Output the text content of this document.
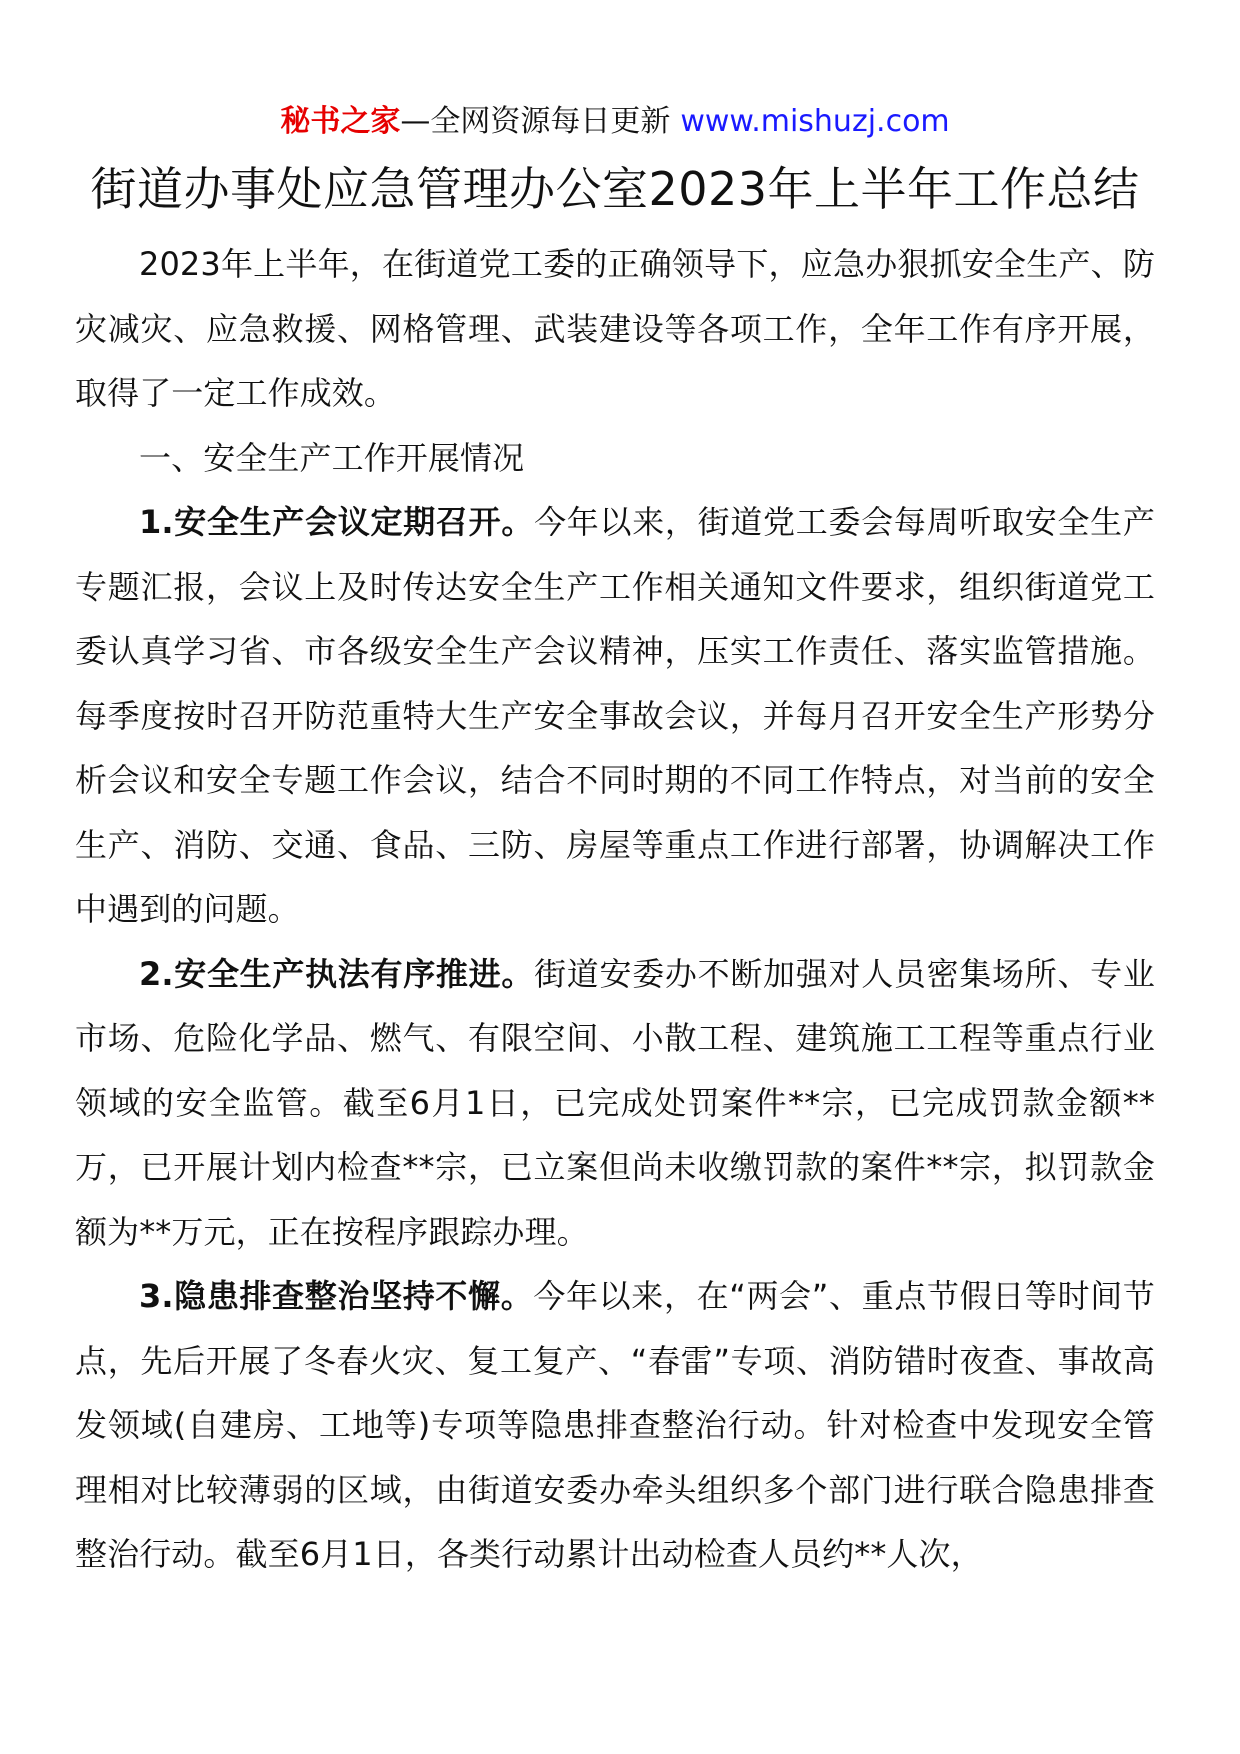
秘书之家—全网资源每日更新 www.mishuzj.com
街道办事处应急管理办公室2023年上半年工作总结

2023年上半年，在街道党工委的正确领导下，应急办狠抓安全生产、防灾减灾、应急救援、网格管理、武装建设等各项工作，全年工作有序开展，取得了一定工作成效。

一、安全生产工作开展情况

1.安全生产会议定期召开。今年以来，街道党工委会每周听取安全生产专题汇报，会议上及时传达安全生产工作相关通知文件要求，组织街道党工委认真学习省、市各级安全生产会议精神，压实工作责任、落实监管措施。每季度按时召开防范重特大生产安全事故会议，并每月召开安全生产形势分析会议和安全专题工作会议，结合不同时期的不同工作特点，对当前的安全生产、消防、交通、食品、三防、房屋等重点工作进行部署，协调解决工作中遇到的问题。

2.安全生产执法有序推进。街道安委办不断加强对人员密集场所、专业市场、危险化学品、燃气、有限空间、小散工程、建筑施工工程等重点行业领域的安全监管。截至6月1日，已完成处罚案件**宗，已完成罚款金额**万，已开展计划内检查**宗，已立案但尚未收缴罚款的案件**宗，拟罚款金额为**万元，正在按程序跟踪办理。

3.隐患排查整治坚持不懈。今年以来，在“两会”、重点节假日等时间节点，先后开展了冬春火灾、复工复产、“春雷”专项、消防错时夜查、事故高发领域(自建房、工地等)专项等隐患排查整治行动。针对检查中发现安全管理相对比较薄弱的区域，由街道安委办牵头组织多个部门进行联合隐患排查整治行动。截至6月1日，各类行动累计出动检查人员约**人次，
